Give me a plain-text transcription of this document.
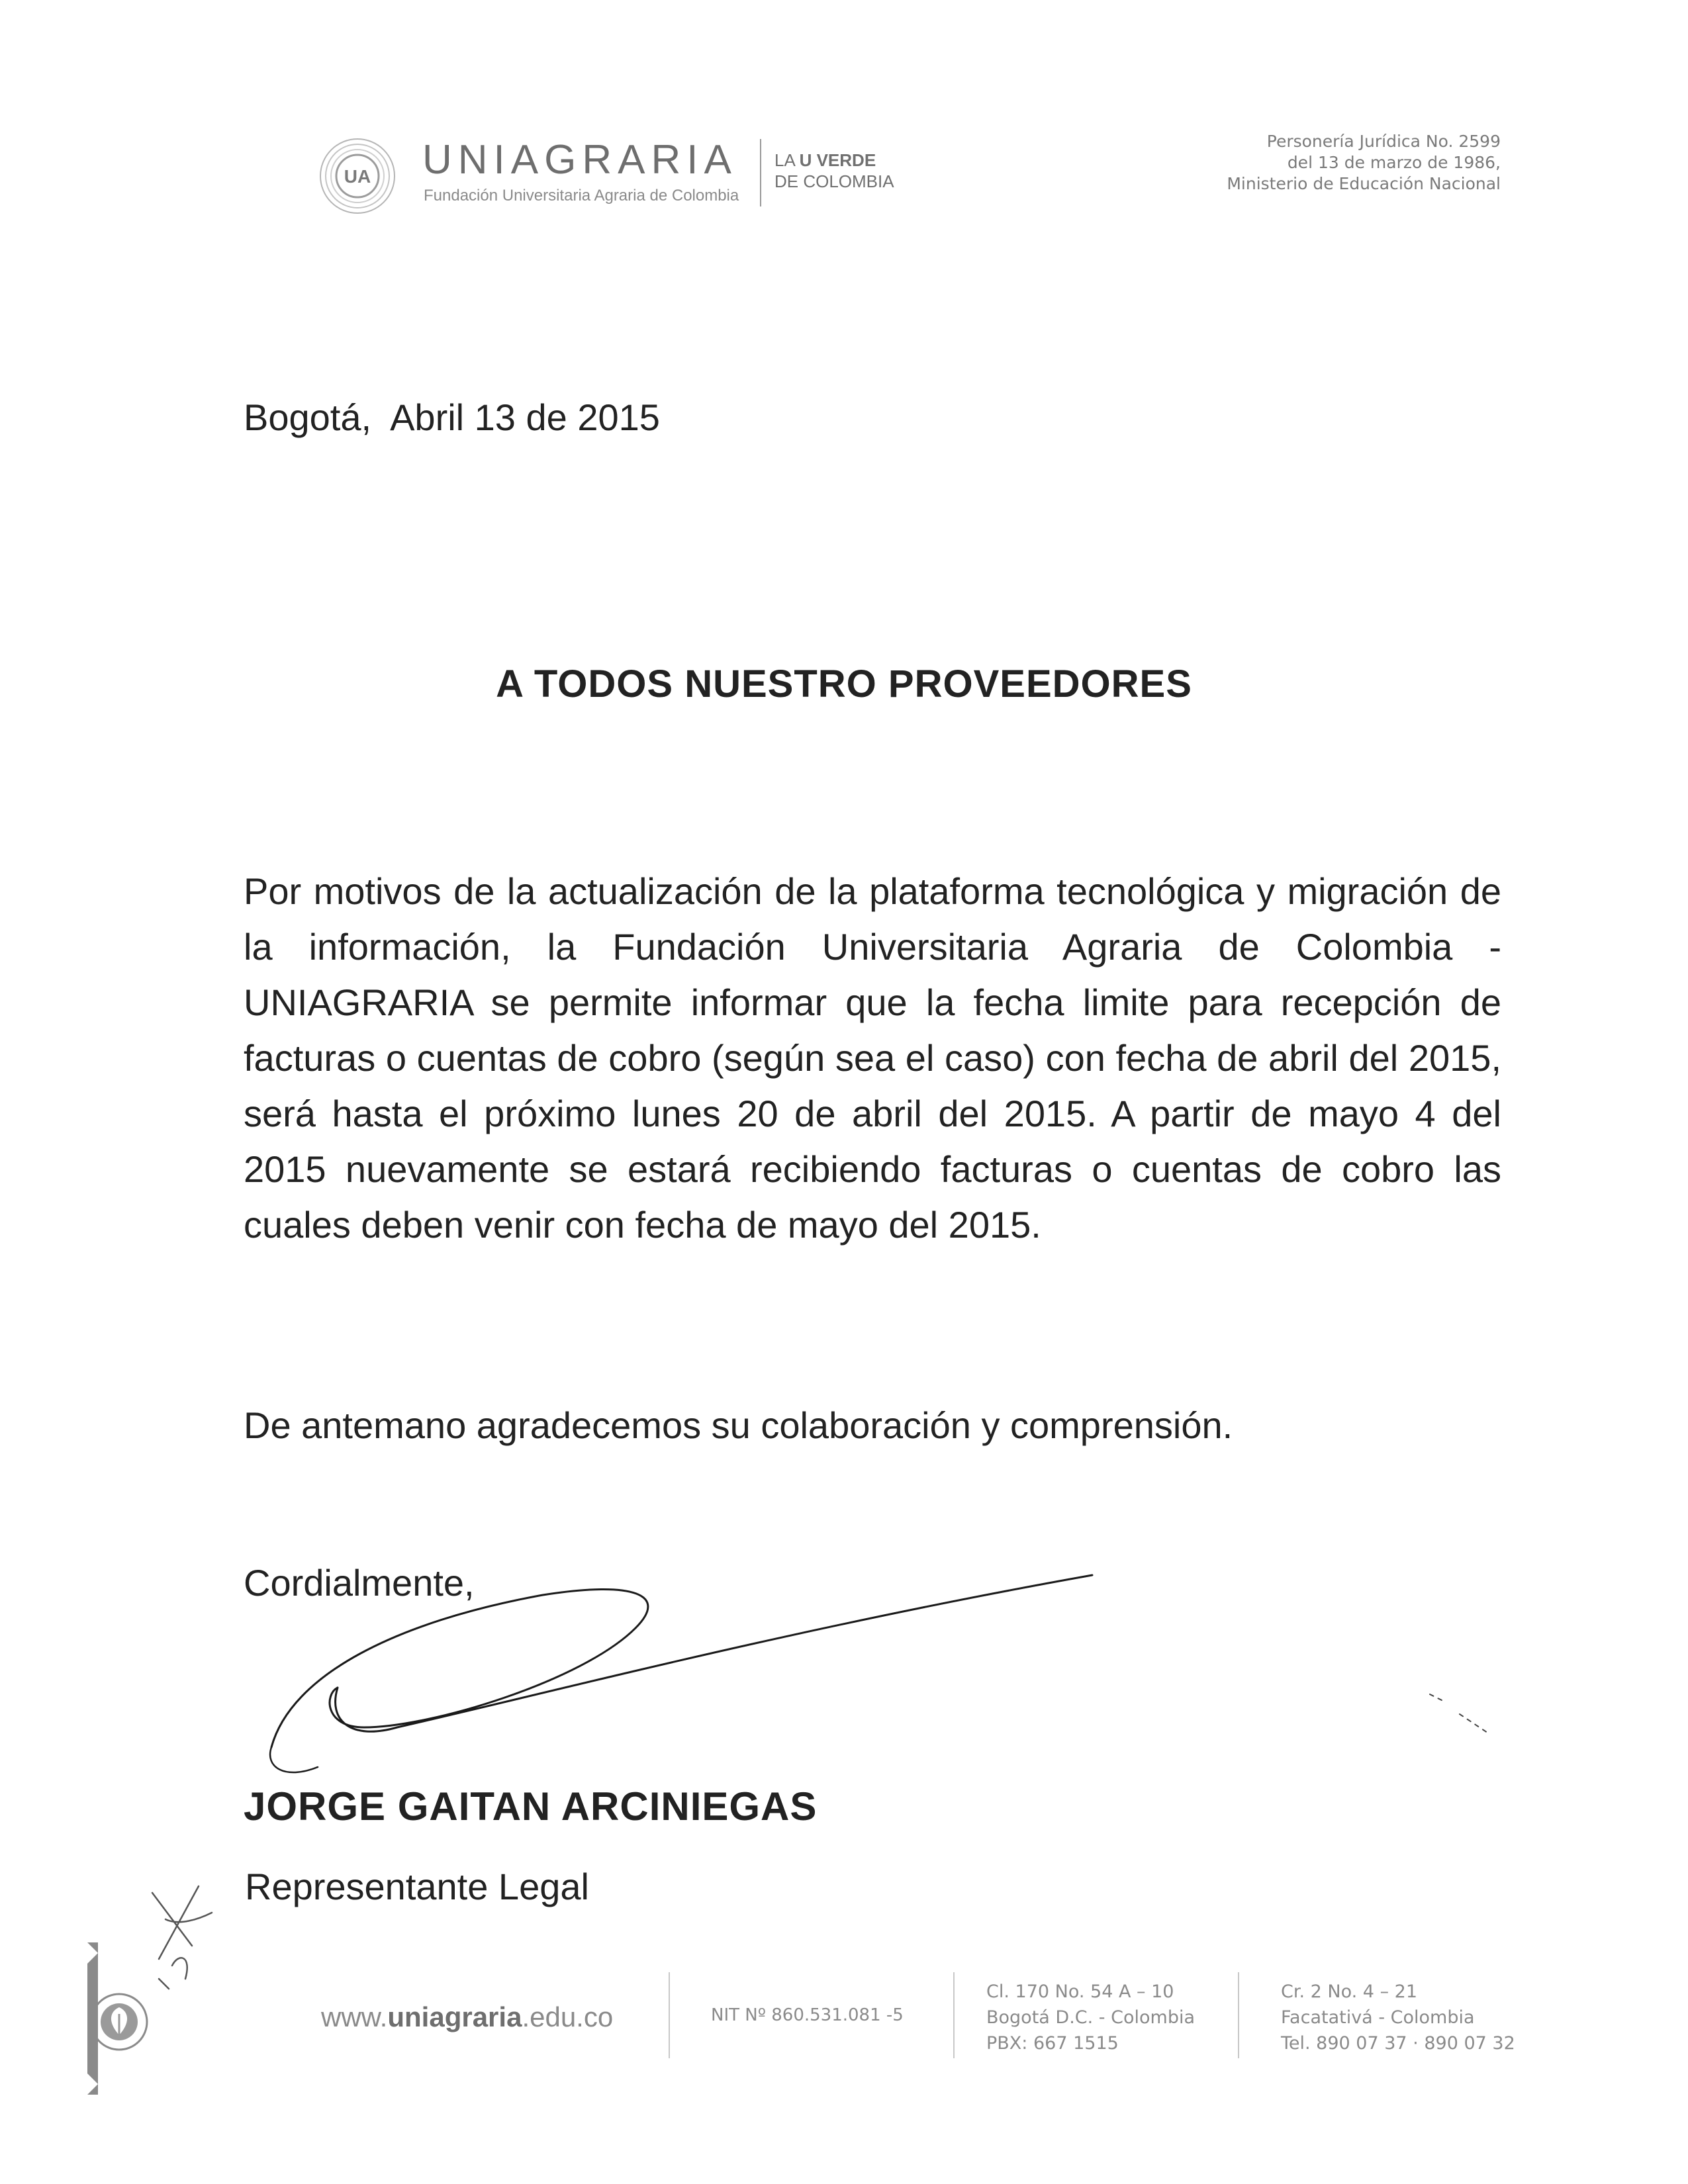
UA UNIAGRARIA
Fundación Universitaria Agraria de Colombia
LA U VERDE
DE COLOMBIA
Personería Jurídica No. 2599
del 13 de marzo de 1986,
Ministerio de Educación Nacional
Bogotá,  Abril 13 de 2015
A TODOS NUESTRO PROVEEDORES
Por motivos de la actualización de la plataforma tecnológica y migración de la información, la Fundación Universitaria Agraria de Colombia - UNIAGRARIA se permite informar que la fecha limite para recepción de facturas o cuentas de cobro (según sea el caso) con fecha de abril del 2015, será hasta el próximo lunes 20 de abril del 2015. A partir de mayo 4 del 2015 nuevamente se estará recibiendo facturas o cuentas de cobro las cuales deben venir con fecha de mayo del 2015.
De antemano agradecemos su colaboración y comprensión.
Cordialmente,
JORGE GAITAN ARCINIEGAS
Representante Legal
www.uniagraria.edu.co	NIT Nº 860.531.081 -5
Cl. 170 No. 54 A – 10
Bogotá D.C. - Colombia
PBX: 667 1515
Cr. 2 No. 4 – 21
Facatativá - Colombia
Tel. 890 07 37 · 890 07 32
